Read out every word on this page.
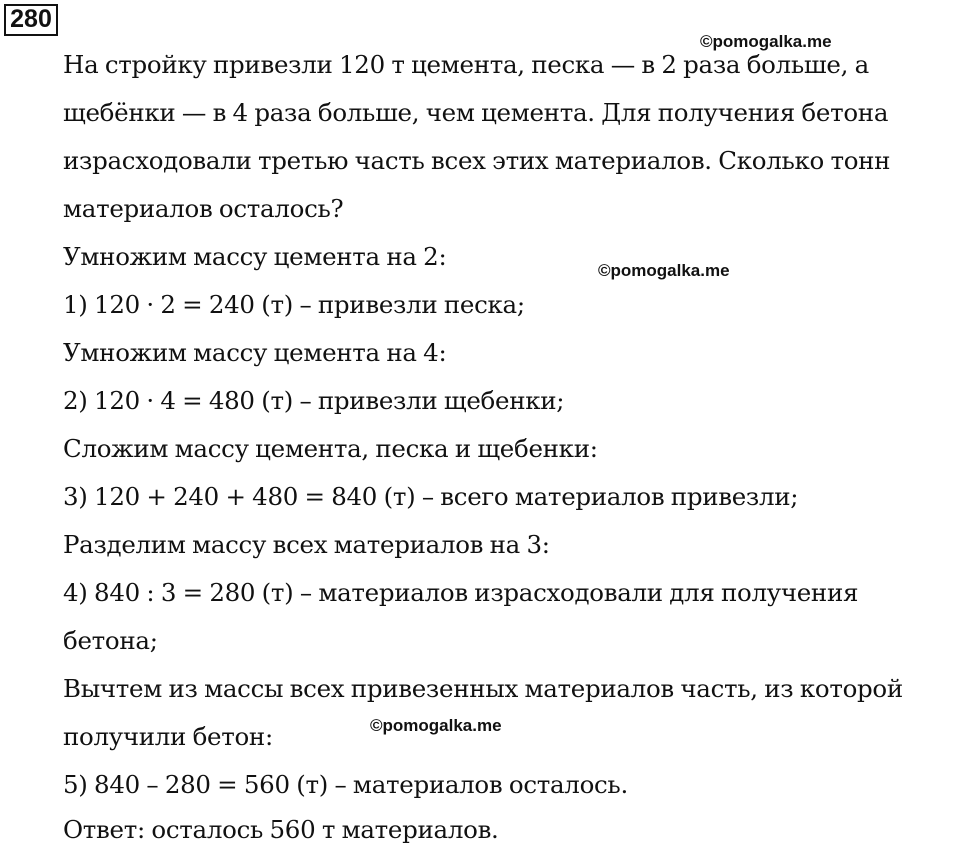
280
©pomogalka.me
©pomogalka.me
©pomogalka.me
На стройку привезли 120 т цемента, песка — в 2 раза больше, а
щебёнки — в 4 раза больше, чем цемента. Для получения бетона
израсходовали третью часть всех этих материалов. Сколько тонн
материалов осталось?
Умножим массу цемента на 2:
1) 120 · 2 = 240 (т) – привезли песка;
Умножим массу цемента на 4:
2) 120 · 4 = 480 (т) – привезли щебенки;
Сложим массу цемента, песка и щебенки:
3) 120 + 240 + 480 = 840 (т) – всего материалов привезли;
Разделим массу всех материалов на 3:
4) 840 : 3 = 280 (т) – материалов израсходовали для получения
бетона;
Вычтем из массы всех привезенных материалов часть, из которой
получили бетон:
5) 840 – 280 = 560 (т) – материалов осталось.
Ответ: осталось 560 т материалов.
